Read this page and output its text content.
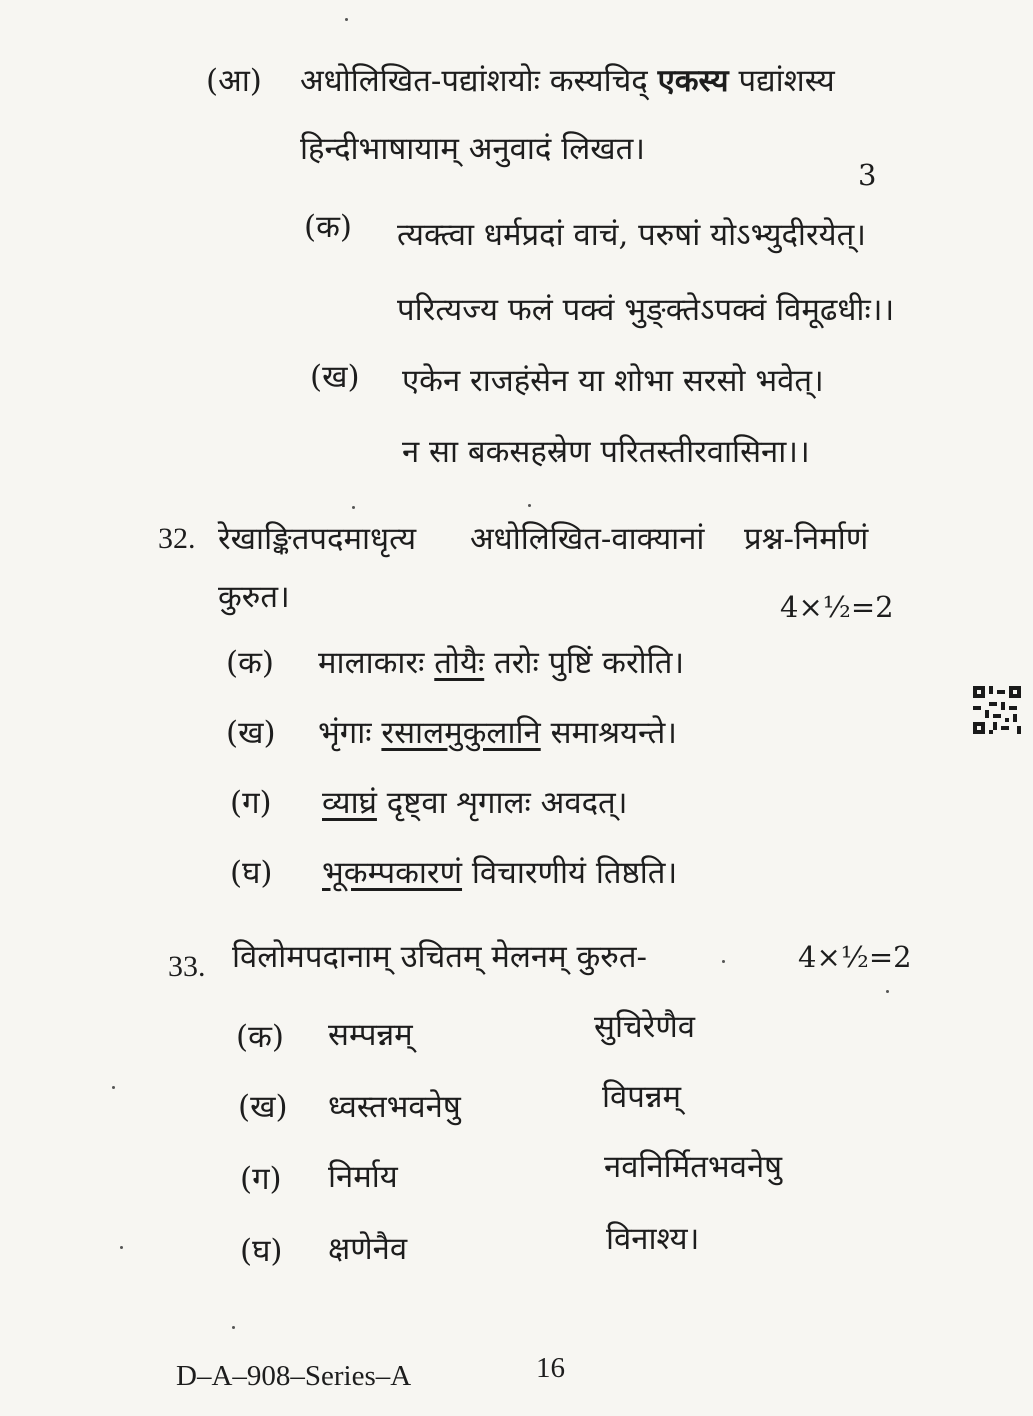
(आ) अधोलिखित-पद्यांशयोः कस्यचिद् एकस्य पद्यांशस्य
हिन्दीभाषायाम् अनुवादं लिखत।
3
(क) त्यक्त्वा धर्मप्रदां वाचं, परुषां योऽभ्युदीरयेत्।
परित्यज्य फलं पक्वं भुङ्क्तेऽपक्वं विमूढधीः।।
(ख) एकेन राजहंसेन या शोभा सरसो भवेत्।
न सा बकसहस्रेण परितस्तीरवासिना।।
32. रेखाङ्कितपदमाधृत्य अधोलिखित-वाक्यानां प्रश्न-निर्माणं
कुरुत।	4×½=2
(क) मालाकारः तोयैः तरोः पुष्टिं करोति।
(ख) भृंगाः रसालमुकुलानि समाश्रयन्ते।
(ग) व्याघ्रं दृष्ट्वा शृगालः अवदत्।
(घ) भूकम्पकारणं विचारणीयं तिष्ठति।
33. विलोमपदानाम् उचितम् मेलनम् कुरुत-	4×½=2
(क) सम्पन्नम्	सुचिरेणैव
(ख) ध्वस्तभवनेषु	विपन्नम्
(ग) निर्माय	नवनिर्मितभवनेषु
(घ) क्षणेनैव	विनाश्य।
D–A–908–Series–A	16
